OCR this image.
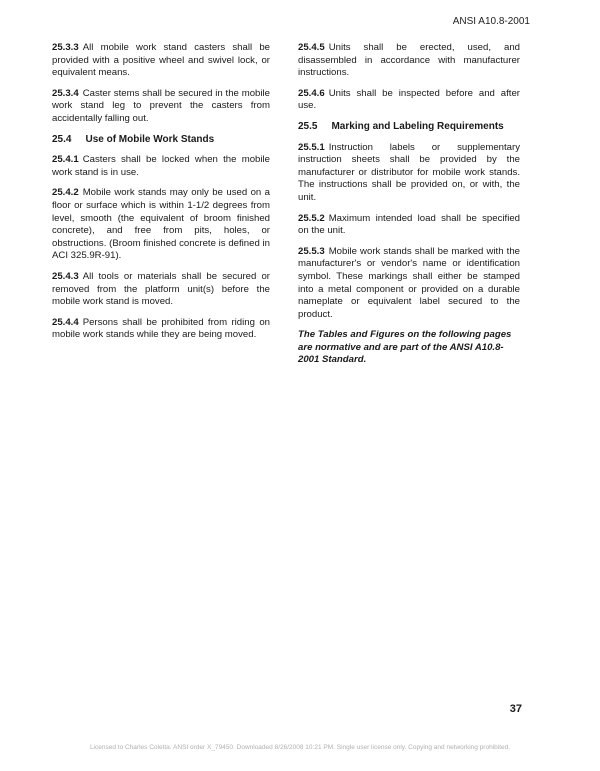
ANSI A10.8-2001
25.3.3 All mobile work stand casters shall be provided with a positive wheel and swivel lock, or equivalent means.
25.3.4 Caster stems shall be secured in the mobile work stand leg to prevent the casters from accidentally falling out.
25.4 Use of Mobile Work Stands
25.4.1 Casters shall be locked when the mobile work stand is in use.
25.4.2 Mobile work stands may only be used on a floor or surface which is within 1-1/2 degrees from level, smooth (the equivalent of broom finished concrete), and free from pits, holes, or obstructions. (Broom finished concrete is defined in ACI 325.9R-91).
25.4.3 All tools or materials shall be secured or removed from the platform unit(s) before the mobile work stand is moved.
25.4.4 Persons shall be prohibited from riding on mobile work stands while they are being moved.
25.4.5 Units shall be erected, used, and disassembled in accordance with manufacturer instructions.
25.4.6 Units shall be inspected before and after use.
25.5 Marking and Labeling Requirements
25.5.1 Instruction labels or supplementary instruction sheets shall be provided by the manufacturer or distributor for mobile work stands. The instructions shall be provided on, or with, the unit.
25.5.2 Maximum intended load shall be specified on the unit.
25.5.3 Mobile work stands shall be marked with the manufacturer's or vendor's name or identification symbol. These markings shall either be stamped into a metal component or provided on a durable nameplate or equivalent label secured to the product.
The Tables and Figures on the following pages are normative and are part of the ANSI A10.8-2001 Standard.
37
Licensed to Charles Coletta. ANSI order X_79450. Downloaded 8/26/2008 10:21 PM. Single user license only. Copying and networking prohibited.
